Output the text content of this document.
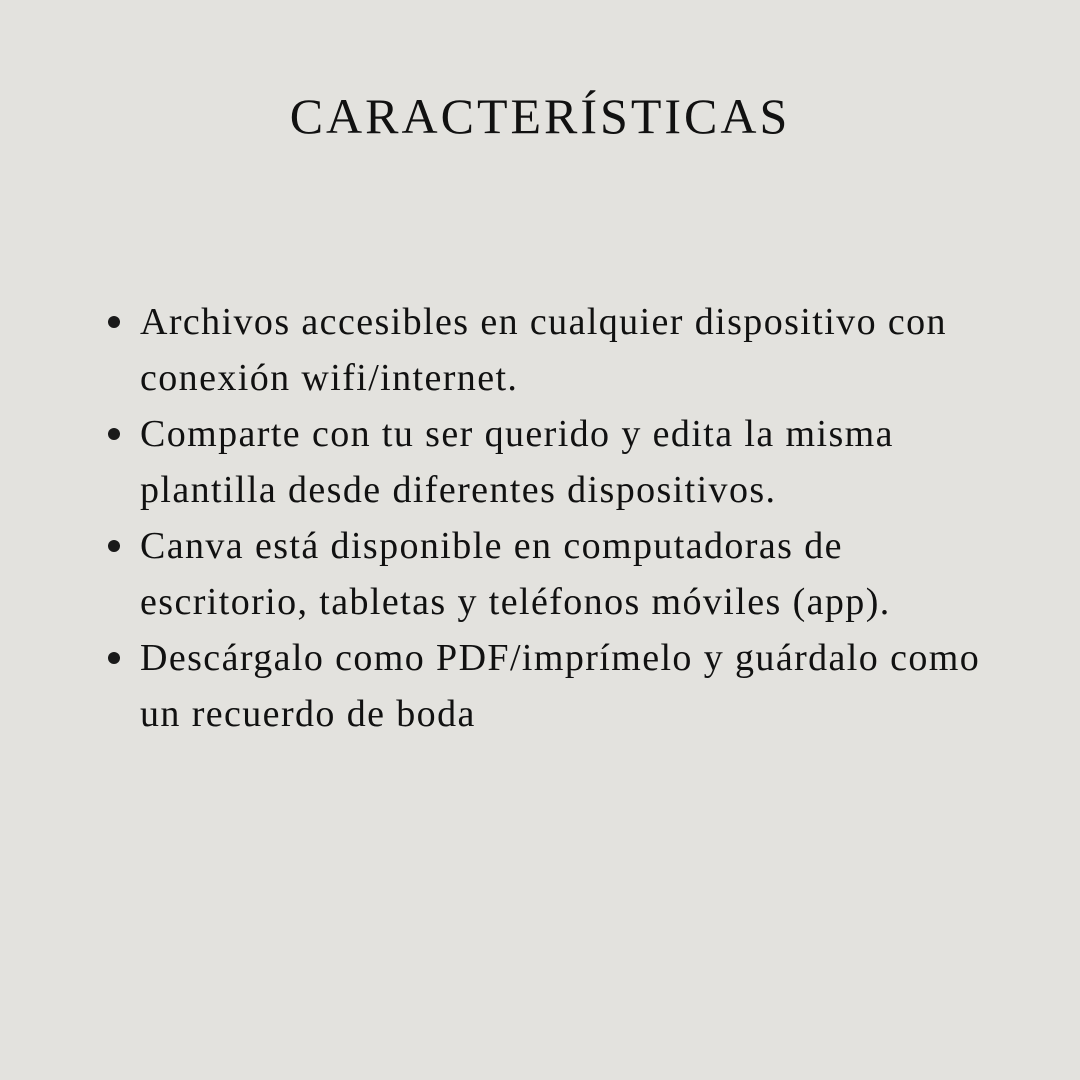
CARACTERÍSTICAS
Archivos accesibles en cualquier dispositivo con conexión wifi/internet.
Comparte con tu ser querido y edita la misma plantilla desde diferentes dispositivos.
Canva está disponible en computadoras de escritorio, tabletas y teléfonos móviles (app).
Descárgalo como PDF/imprímelo y guárdalo como un recuerdo de boda
